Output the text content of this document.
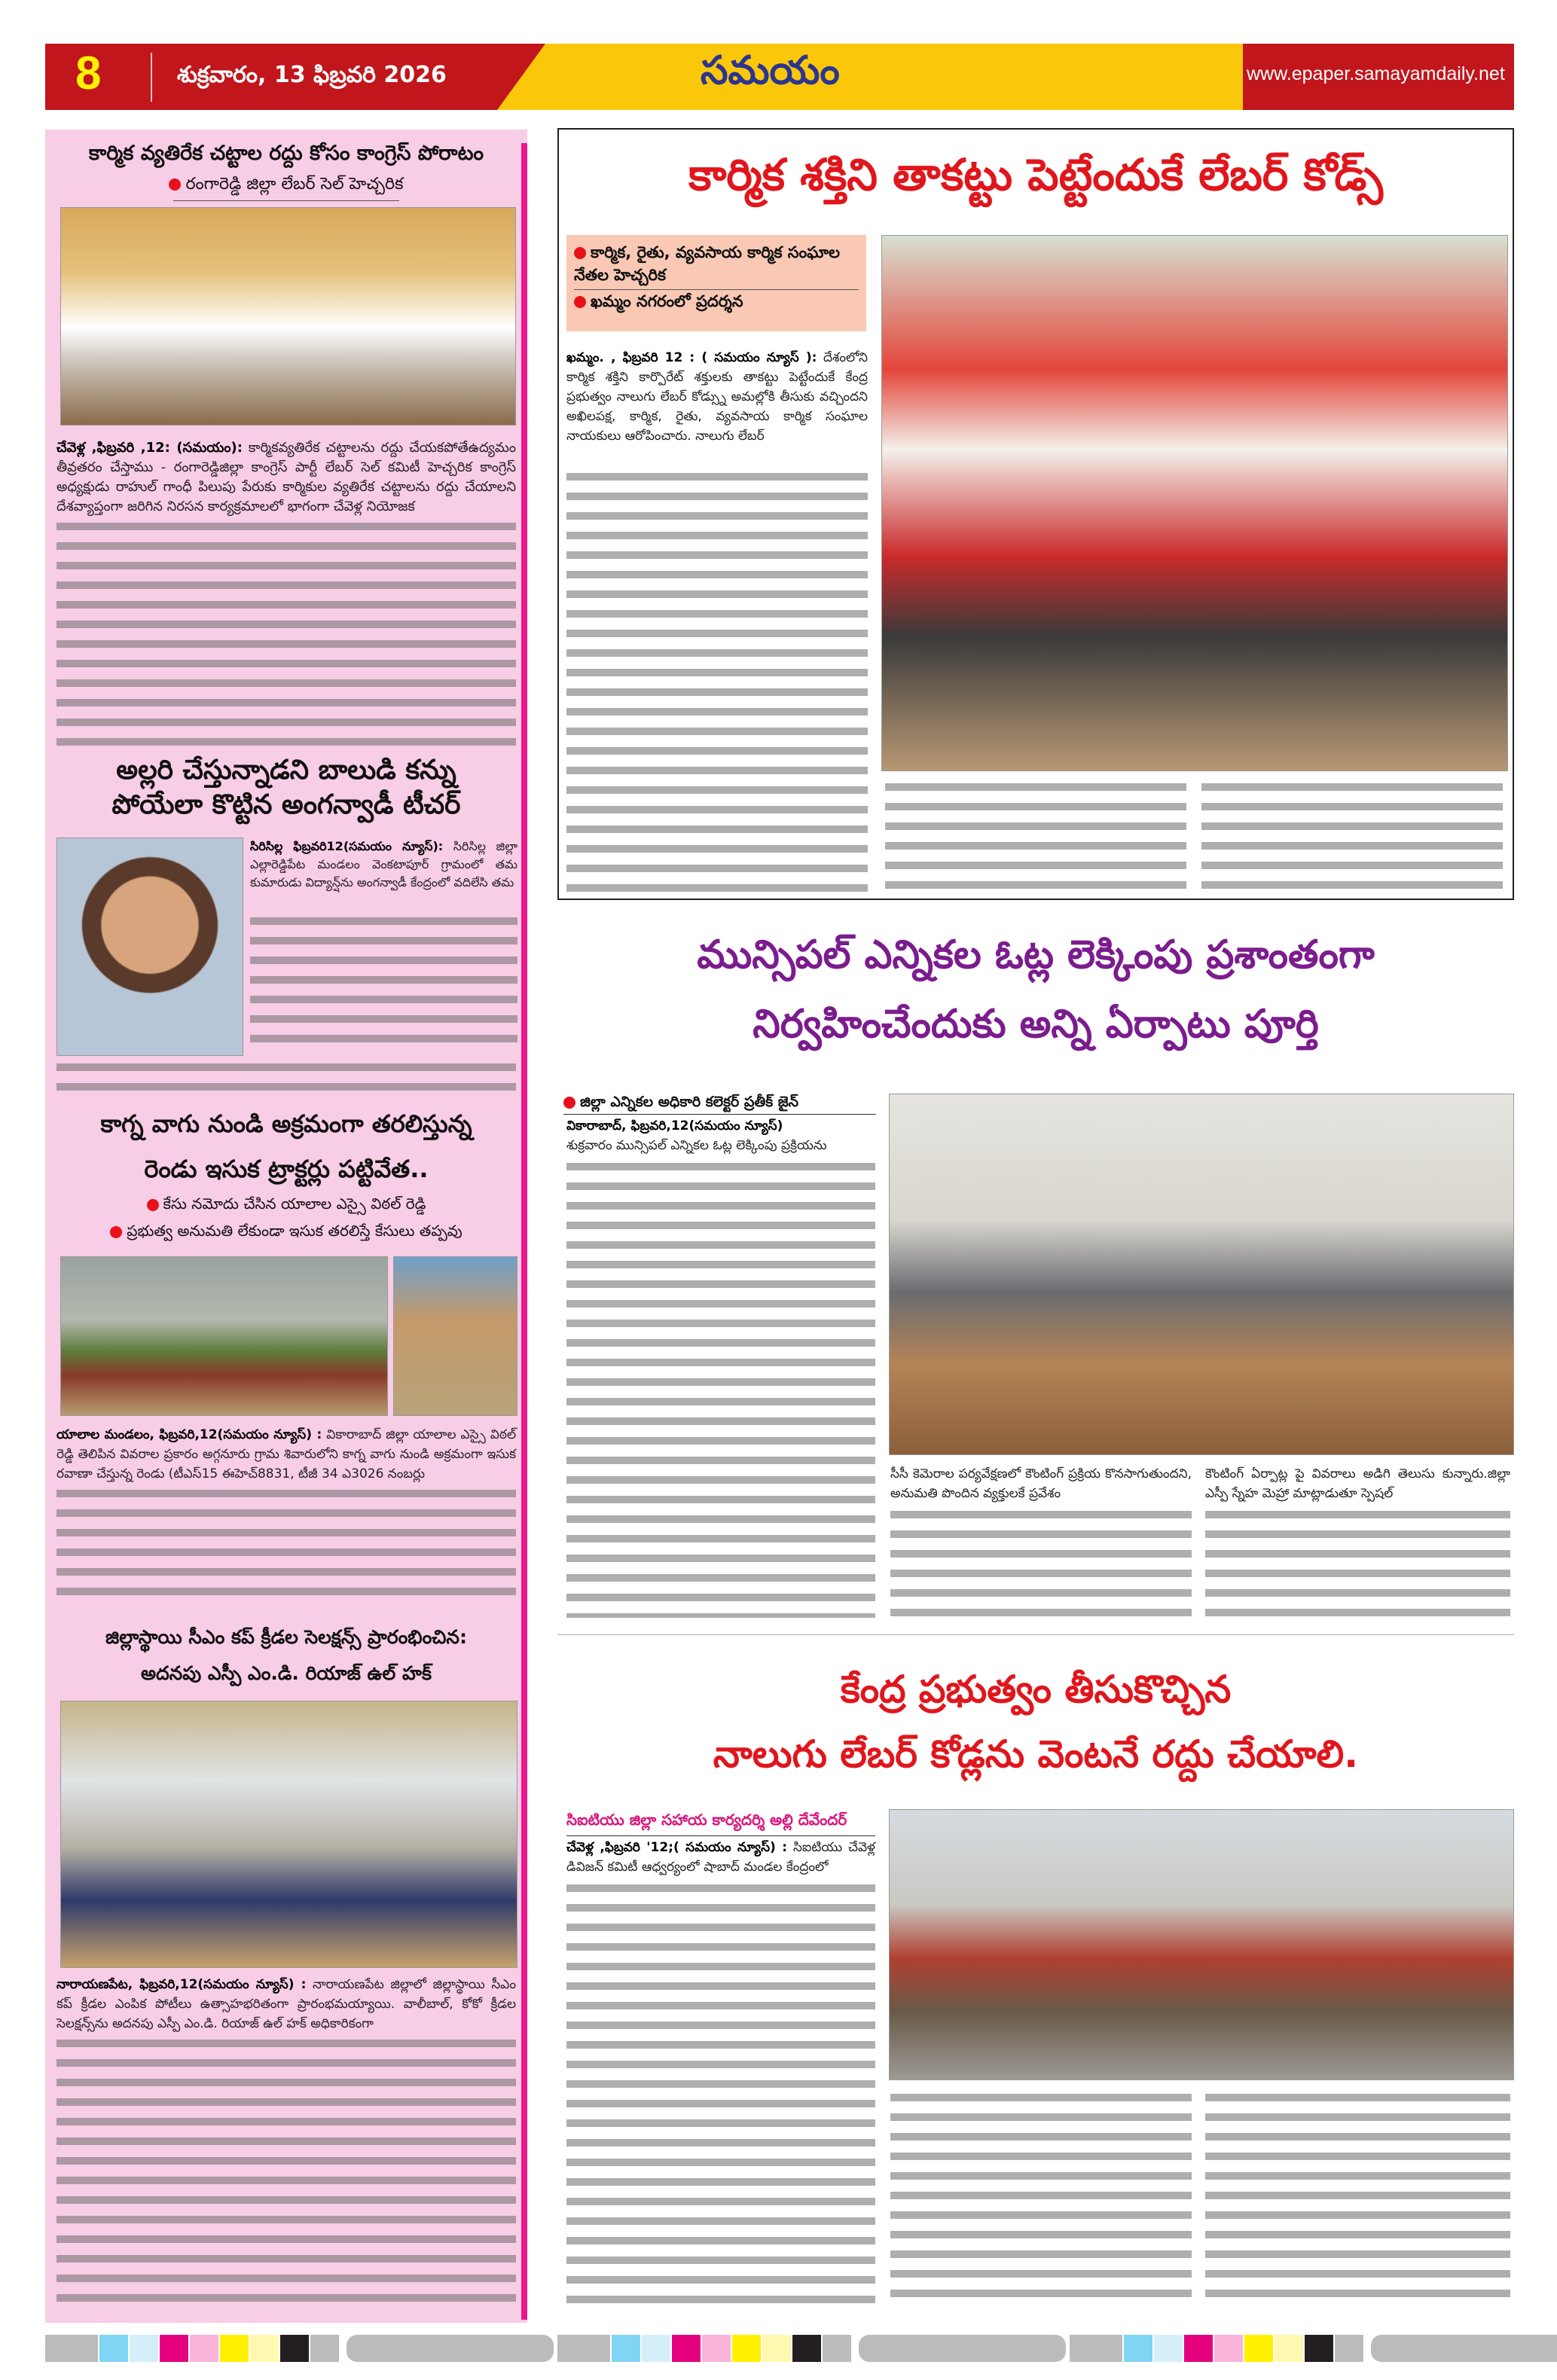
8	శుక్రవారం, 13 ఫిబ్రవరి 2026	సమయం	www.epaper.samayamdaily.net
కార్మిక వ్యతిరేక చట్టాల రద్దు కోసం కాంగ్రెస్ పోరాటం
రంగారెడ్డి జిల్లా లేబర్ సెల్ హెచ్చరిక
చేవెళ్ల ,ఫిబ్రవరి ,12: (సమయం): కార్మికవ్యతిరేక చట్టాలను రద్దు చేయకపోతేఉద్యమం తీవ్రతరం చేస్తాము - రంగారెడ్డిజిల్లా కాంగ్రెస్ పార్టీ లేబర్ సెల్ కమిటీ హెచ్చరిక కాంగ్రెస్ అధ్యక్షుడు రాహుల్ గాంధీ పిలుపు పేరుకు కార్మికుల వ్యతిరేక చట్టాలను రద్దు చేయాలని దేశవ్యాప్తంగా జరిగిన నిరసన కార్యక్రమాలలో భాగంగా చేవెళ్ల నియోజక
అల్లరి చేస్తున్నాడని బాలుడి కన్ను
పోయేలా కొట్టిన అంగన్వాడీ టీచర్
సిరిసిల్ల ఫిబ్రవరి12(సమయం న్యూస్): సిరిసిల్ల జిల్లా ఎల్లారెడ్డిపేట మండలం వెంకటాపూర్ గ్రామంలో తమ కుమారుడు విద్యాన్ష్‌ను అంగన్వాడీ కేంద్రంలో వదిలేసి తమ
కాగ్న వాగు నుండి అక్రమంగా తరలిస్తున్న
రెండు ఇసుక ట్రాక్టర్లు పట్టివేత..
కేసు నమోదు చేసిన యాలాల ఎస్సై విఠల్ రెడ్డి
ప్రభుత్వ అనుమతి లేకుండా ఇసుక తరలిస్తే కేసులు తప్పవు
యాలాల మండలం, ఫిబ్రవరి,12(సమయం న్యూస్) : వికారాబాద్ జిల్లా యాలాల ఎస్సై విఠల్ రెడ్డి తెలిపిన వివరాల ప్రకారం అగ్గనూరు గ్రామ శివారులోని కాగ్న వాగు నుండి అక్రమంగా ఇసుక రవాణా చేస్తున్న రెండు (టీఎస్15 ఈహెచ్8831, టీజీ 34 ఎ3026 నంబర్లు
జిల్లాస్థాయి సీఎం కప్ క్రీడల సెలక్షన్స్ ప్రారంభించిన:
అదనపు ఎస్పీ ఎం.డి. రియాజ్ ఉల్ హక్
నారాయణపేట, ఫిబ్రవరి,12(సమయం న్యూస్) : నారాయణపేట జిల్లాలో జిల్లాస్థాయి సీఎం కప్ క్రీడల ఎంపిక పోటీలు ఉత్సాహభరితంగా ప్రారంభమయ్యాయి. వాలీబాల్, కోకో క్రీడల సెలక్షన్స్‌ను అదనపు ఎస్పీ ఎం.డి. రియాజ్ ఉల్ హక్ అధికారికంగా
కార్మిక శక్తిని తాకట్టు పెట్టేందుకే లేబర్ కోడ్స్
కార్మిక, రైతు, వ్యవసాయ కార్మిక సంఘాల నేతల హెచ్చరిక
ఖమ్మం నగరంలో ప్రదర్శన
ఖమ్మం. , ఫిబ్రవరి 12 : ( సమయం న్యూస్ ): దేశంలోని కార్మిక శక్తిని కార్పొరేట్ శక్తులకు తాకట్టు పెట్టేందుకే కేంద్ర ప్రభుత్వం నాలుగు లేబర్ కోడ్స్ను అమల్లోకి తీసుకు వచ్చిందని అఖిలపక్ష, కార్మిక, రైతు, వ్యవసాయ కార్మిక సంఘాల నాయకులు ఆరోపించారు. నాలుగు లేబర్
మున్సిపల్ ఎన్నికల ఓట్ల లెక్కింపు ప్రశాంతంగా
నిర్వహించేందుకు అన్ని ఏర్పాటు పూర్తి
జిల్లా ఎన్నికల అధికారి కలెక్టర్ ప్రతీక్ జైన్
వికారాబాద్, ఫిబ్రవరి,12(సమయం న్యూస్)
శుక్రవారం మున్సిపల్ ఎన్నికల ఓట్ల లెక్కింపు ప్రక్రియను
సీసీ కెమెరాల పర్యవేక్షణలో కౌంటింగ్ ప్రక్రియ కొనసాగుతుందని, అనుమతి పొందిన వ్యక్తులకే ప్రవేశం
కౌంటింగ్ ఏర్పాట్ల పై వివరాలు అడిగి తెలుసు కున్నారు.జిల్లా ఎస్పీ స్నేహ మెహ్రా మాట్లాడుతూ స్పెషల్
కేంద్ర ప్రభుత్వం తీసుకొచ్చిన
నాలుగు లేబర్ కోడ్లను వెంటనే రద్దు చేయాలి.
సిఐటియు జిల్లా సహాయ కార్యదర్శి అల్లి దేవేందర్
చేవెళ్ల ,ఫిబ్రవరి '12;( సమయం న్యూస్) : సిఐటియు చేవెళ్ల డివిజన్ కమిటీ ఆధ్వర్యంలో షాబాద్ మండల కేంద్రంలో
